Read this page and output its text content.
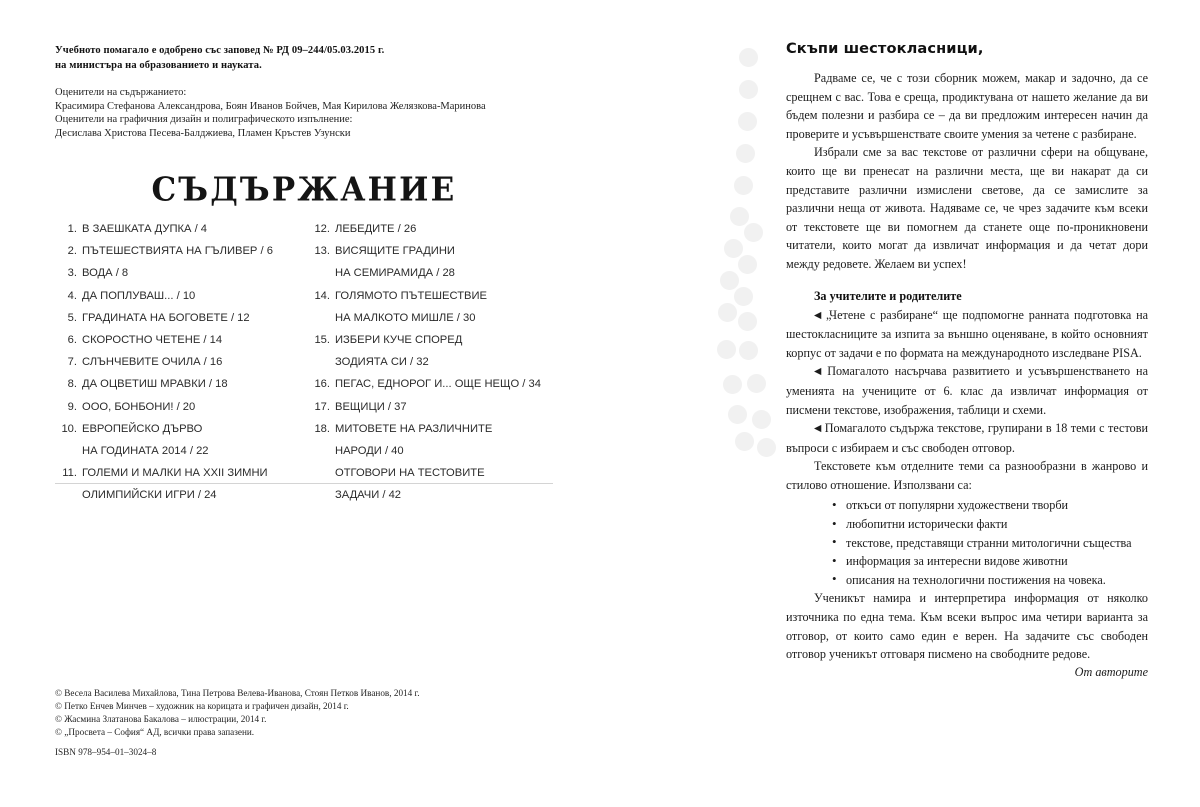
Учебното помагало е одобрено със заповед № РД 09–244/05.03.2015 г.
на министъра на образованието и науката.
Оценители на съдържанието:
Красимира Стефанова Александрова, Боян Иванов Бойчев, Мая Кирилова Желязкова-Маринова
Оценители на графичния дизайн и полиграфическото изпълнение:
Десислава Христова Песева-Балджиева, Пламен Кръстев Узунски
СЪДЪРЖАНИЕ
1. В ЗАЕШКАТА ДУПКА / 4
2. ПЪТЕШЕСТВИЯТА НА ГЪЛИВЕР / 6
3. ВОДА / 8
4. ДА ПОПЛУВАШ... / 10
5. ГРАДИНАТА НА БОГОВЕТЕ / 12
6. СКОРОСТНО ЧЕТЕНЕ / 14
7. СЛЪНЧЕВИТЕ ОЧИЛА / 16
8. ДА ОЦВЕТИШ МРАВКИ / 18
9. ООО, БОНБОНИ! / 20
10. ЕВРОПЕЙСКО ДЪРВО
НА ГОДИНАТА 2014 / 22
11. ГОЛЕМИ И МАЛКИ НА XXII ЗИМНИ
ОЛИМПИЙСКИ ИГРИ / 24
12. ЛЕБЕДИТЕ / 26
13. ВИСЯЩИТЕ ГРАДИНИ
НА СЕМИРАМИДА / 28
14. ГОЛЯМОТО ПЪТЕШЕСТВИЕ
НА МАЛКОТО МИШЛЕ / 30
15. ИЗБЕРИ КУЧЕ СПОРЕД
ЗОДИЯТА СИ / 32
16. ПЕГАС, ЕДНОРОГ И... ОЩЕ НЕЩО / 34
17. ВЕЩИЦИ / 37
18. МИТОВЕТЕ НА РАЗЛИЧНИТЕ
НАРОДИ / 40
ОТГОВОРИ НА ТЕСТОВИТЕ
ЗАДАЧИ / 42
© Весела Василева Михайлова, Тина Петрова Велева-Иванова, Стоян Петков Иванов, 2014 г.
© Петко Енчев Минчев – художник на корицата и графичен дизайн, 2014 г.
© Жасмина Златанова Бакалова – илюстрации, 2014 г.
© „Просвета – София“ АД, всички права запазени.
ISBN 978–954–01–3024–8
Скъпи шестокласници,

Радваме се, че с този сборник можем, макар и задочно, да се срещнем с вас. Това е среща, продиктувана от нашето желание да ви бъдем полезни и разбира се – да ви предложим интересен начин да проверите и усъвършенствате своите умения за четене с разбиране.

Избрали сме за вас текстове от различни сфери на общуване, които ще ви пренесат на различни места, ще ви накарат да си представите различни измислени светове, да се замислите за различни неща от живота. Надяваме се, че чрез задачите към всеки от текстовете ще ви помогнем да станете още по-проникновени читатели, които могат да извличат информация и да четат дори между редовете. Желаем ви успех!

За учителите и родителите

◀„Четене с разбиране“ ще подпомогне ранната подготовка на шестокласниците за изпита за външно оценяване, в който основният корпус от задачи е по формата на международното изследване PISA.

◀Помагалото насърчава развитието и усъвършенстването на уменията на учениците от 6. клас да извличат информация от писмени текстове, изображения, таблици и схеми.

◀Помагалото съдържа текстове, групирани в 18 теми с тестови въпроси с избираем и със свободен отговор.

Текстовете към отделните теми са разнообразни в жанрово и стилово отношение. Използвани са:

• откъси от популярни художествени творби
• любопитни исторически факти
• текстове, представящи странни митологични същества
• информация за интересни видове животни
• описания на технологични постижения на човека.

Ученикът намира и интерпретира информация от няколко източника по една тема. Към всеки въпрос има четири варианта за отговор, от които само един е верен. На задачите със свободен отговор ученикът отговаря писмено на свободните редове.

От авторите
